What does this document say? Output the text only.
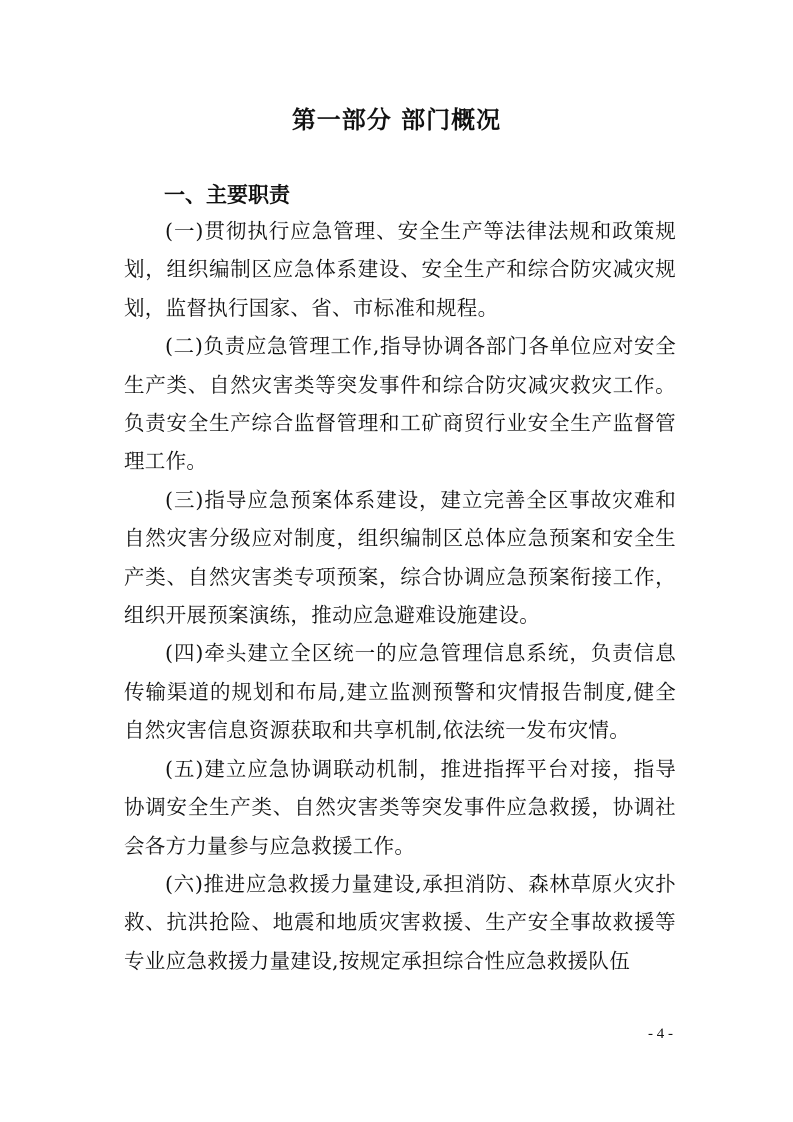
第一部分 部门概况
一、主要职责

(一)贯彻执行应急管理、安全生产等法律法规和政策规划，组织编制区应急体系建设、安全生产和综合防灾减灾规划，监督执行国家、省、市标准和规程。

(二)负责应急管理工作,指导协调各部门各单位应对安全生产类、自然灾害类等突发事件和综合防灾减灾救灾工作。负责安全生产综合监督管理和工矿商贸行业安全生产监督管理工作。

(三)指导应急预案体系建设，建立完善全区事故灾难和自然灾害分级应对制度，组织编制区总体应急预案和安全生产类、自然灾害类专项预案，综合协调应急预案衔接工作，组织开展预案演练，推动应急避难设施建设。

(四)牵头建立全区统一的应急管理信息系统，负责信息传输渠道的规划和布局,建立监测预警和灾情报告制度,健全自然灾害信息资源获取和共享机制,依法统一发布灾情。

(五)建立应急协调联动机制，推进指挥平台对接，指导协调安全生产类、自然灾害类等突发事件应急救援，协调社会各方力量参与应急救援工作。

(六)推进应急救援力量建设,承担消防、森林草原火灾扑救、抗洪抢险、地震和地质灾害救援、生产安全事故救援等专业应急救援力量建设,按规定承担综合性应急救援队伍

- 4 -
